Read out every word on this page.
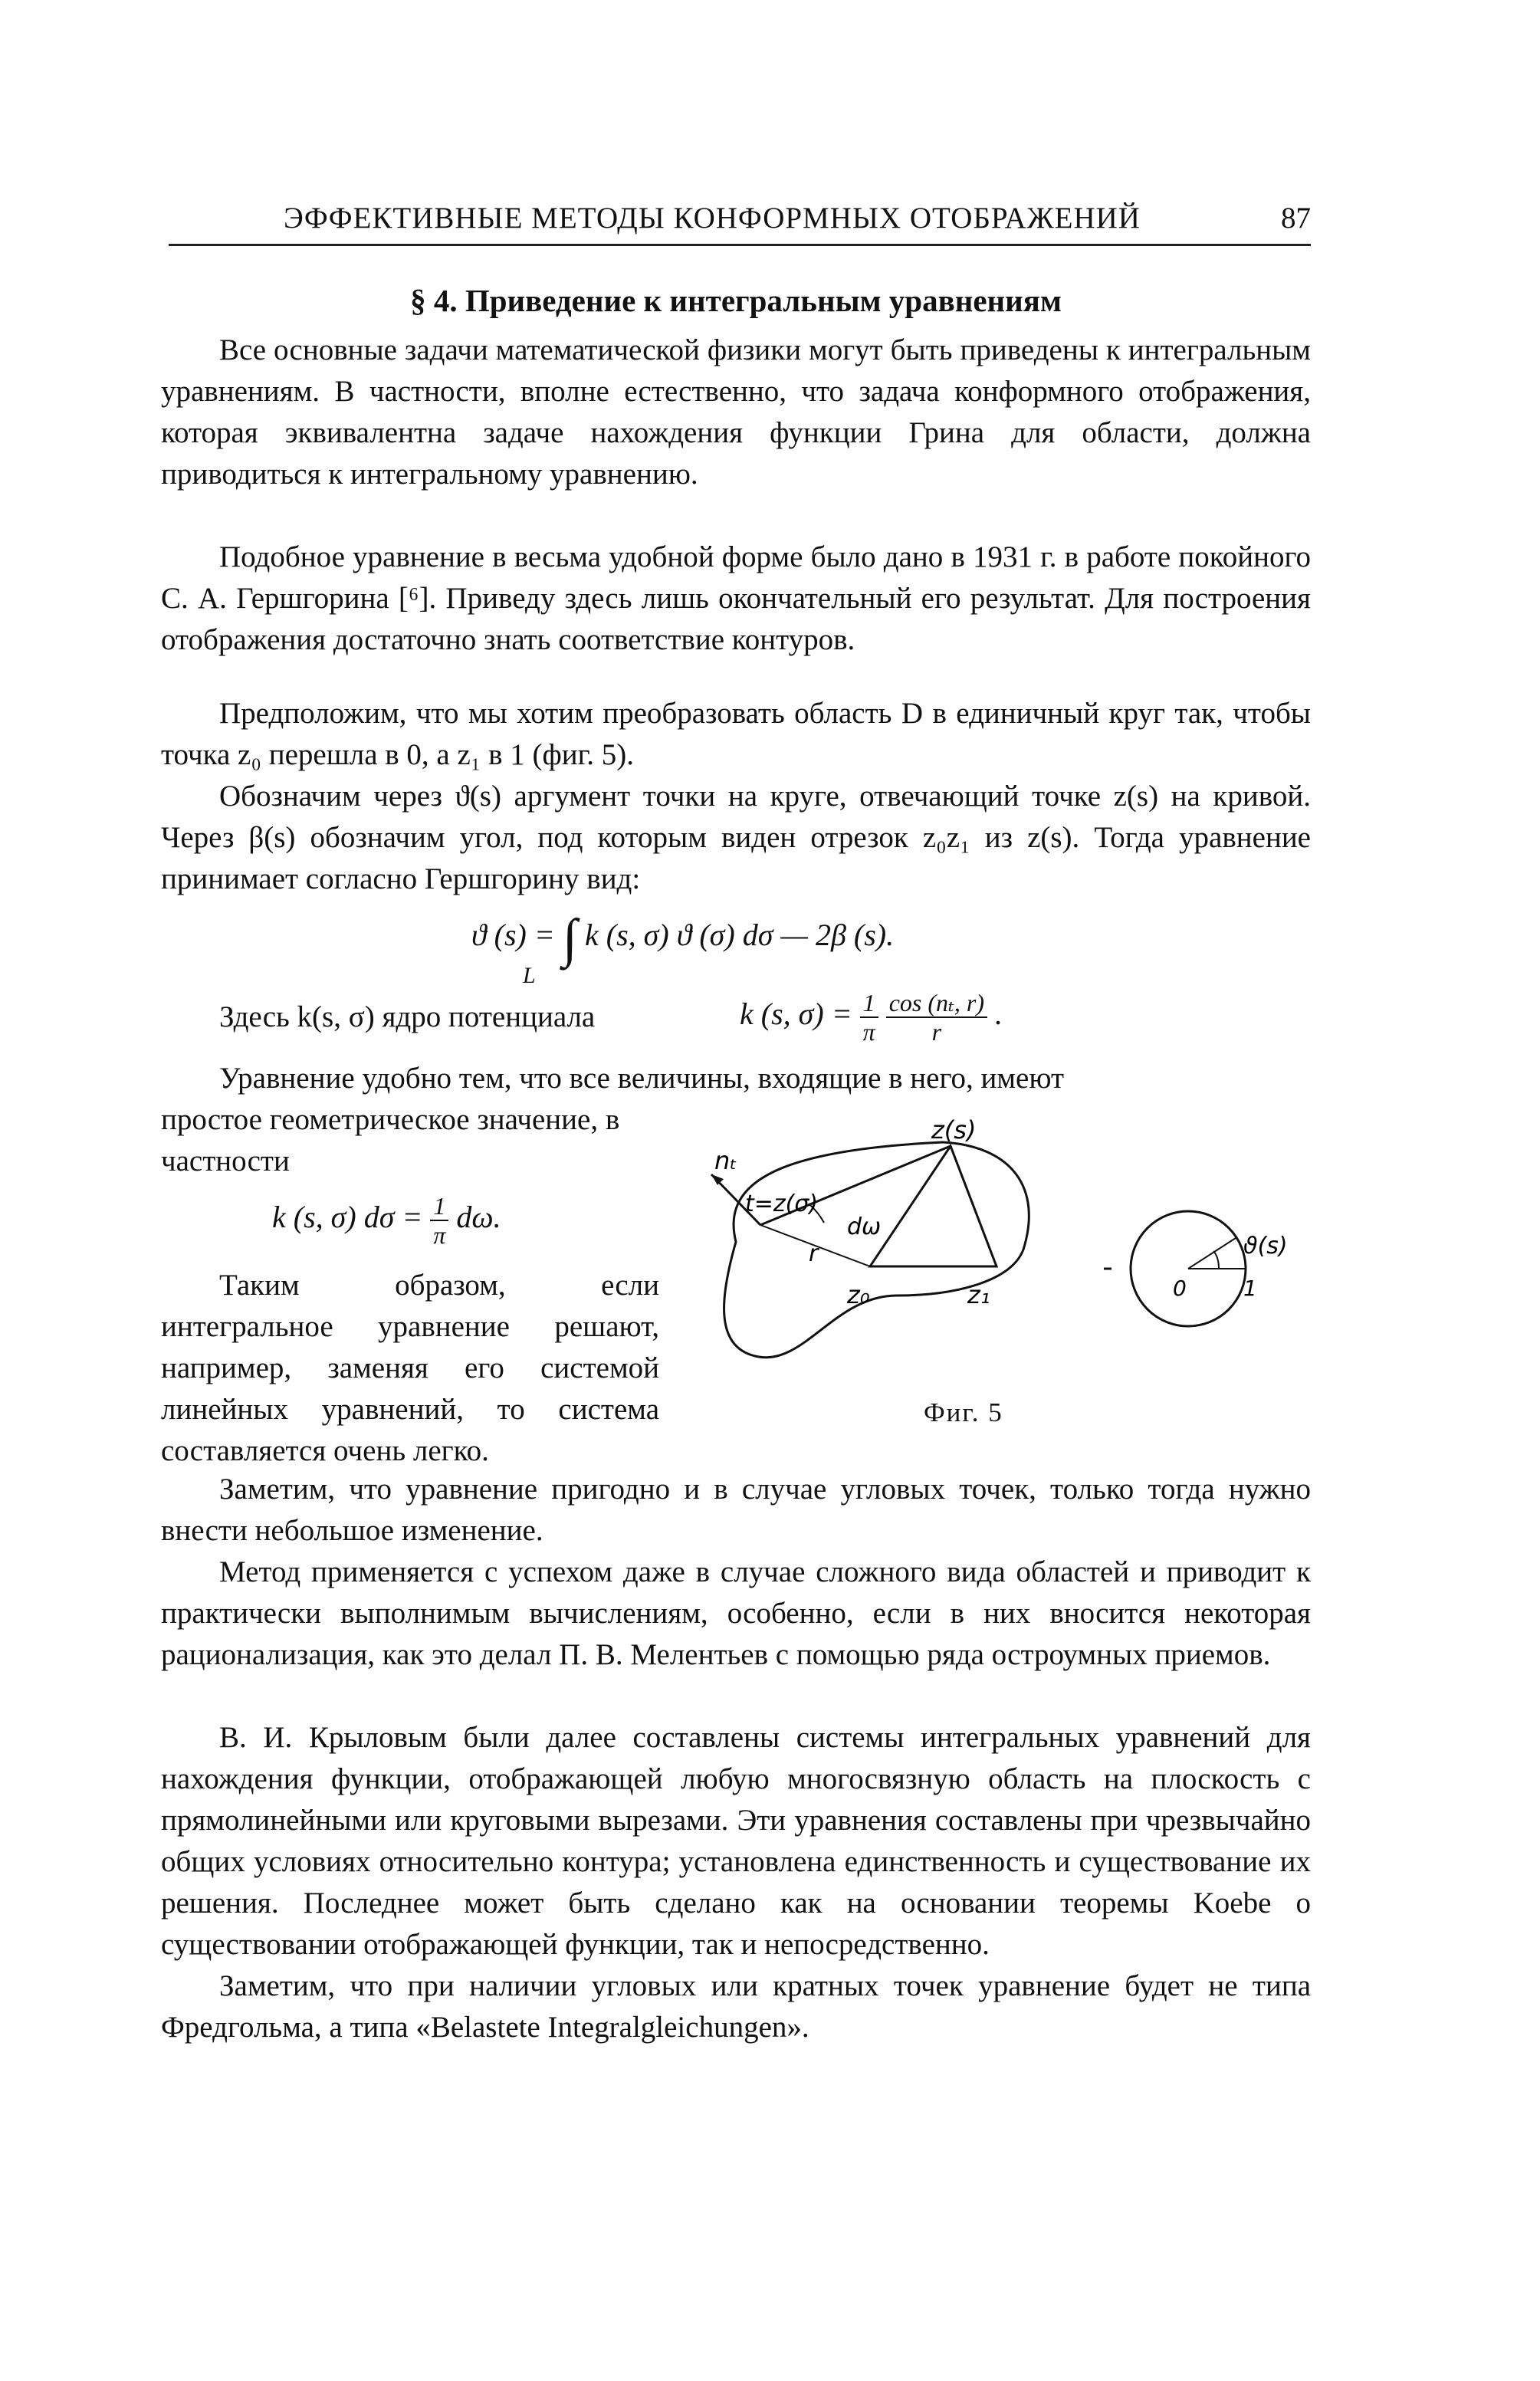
ЭФФЕКТИВНЫЕ МЕТОДЫ КОНФОРМНЫХ ОТОБРАЖЕНИЙ	87
§ 4. Приведение к интегральным уравнениям

Все основные задачи математической физики могут быть приведены к интегральным уравнениям. В частности, вполне естественно, что задача конформного отображения, которая эквивалентна задаче нахождения функции Грина для области, должна приводиться к интегральному уравнению.

Подобное уравнение в весьма удобной форме было дано в 1931 г. в работе покойного С. А. Гершгорина [⁶]. Приведу здесь лишь окончательный его результат. Для построения отображения достаточно знать соответствие контуров.

Предположим, что мы хотим преобразовать область D в единичный круг так, чтобы точка z₀ перешла в 0, а z₁ в 1 (фиг. 5).

Обозначим через ϑ(s) аргумент точки на круге, отвечающий точке z(s) на кривой. Через β(s) обозначим угол, под которым виден отрезок z₀z₁ из z(s). Тогда уравнение принимает согласно Гершгорину вид:

ϑ (s) = ∫ k (s, σ) ϑ (σ) dσ — 2β (s).
L

Здесь k(s, σ) ядро потенциала	k (s, $\sigma) = \frac{1}{\pi}$
$\frac{\text{cos (nₜ, r)}}{r}$ .

Уравнение удобно тем, что все величины, входящие в него, имеют

простое геометрическое значение, в частности

k (s, σ) $d\sigma = \frac{1}{\pi} d\omega$.

Таким образом, если интегральное уравнение решают, например, заменяя его системой линейных уравнений, то система составляется очень легко.

nₜ
t=z(σ)
dω
r
z(s)
z₀	z₁	0	1
ϑ(s)
Фиг. 5

Заметим, что уравнение пригодно и в случае угловых точек, только тогда нужно внести небольшое изменение.

Метод применяется с успехом даже в случае сложного вида областей и приводит к практически выполнимым вычислениям, особенно, если в них вносится некоторая рационализация, как это делал П. В. Мелентьев с помощью ряда остроумных приемов.

В. И. Крыловым были далее составлены системы интегральных уравнений для нахождения функции, отображающей любую многосвязную область на плоскость с прямолинейными или круговыми вырезами. Эти уравнения составлены при чрезвычайно общих условиях относительно контура; установлена единственность и существование их решения. Последнее может быть сделано как на основании теоремы Koebe о существовании отображающей функции, так и непосредственно.

Заметим, что при наличии угловых или кратных точек уравнение будет не типа Фредгольма, а типа «Belastete Integralgleichungen».
